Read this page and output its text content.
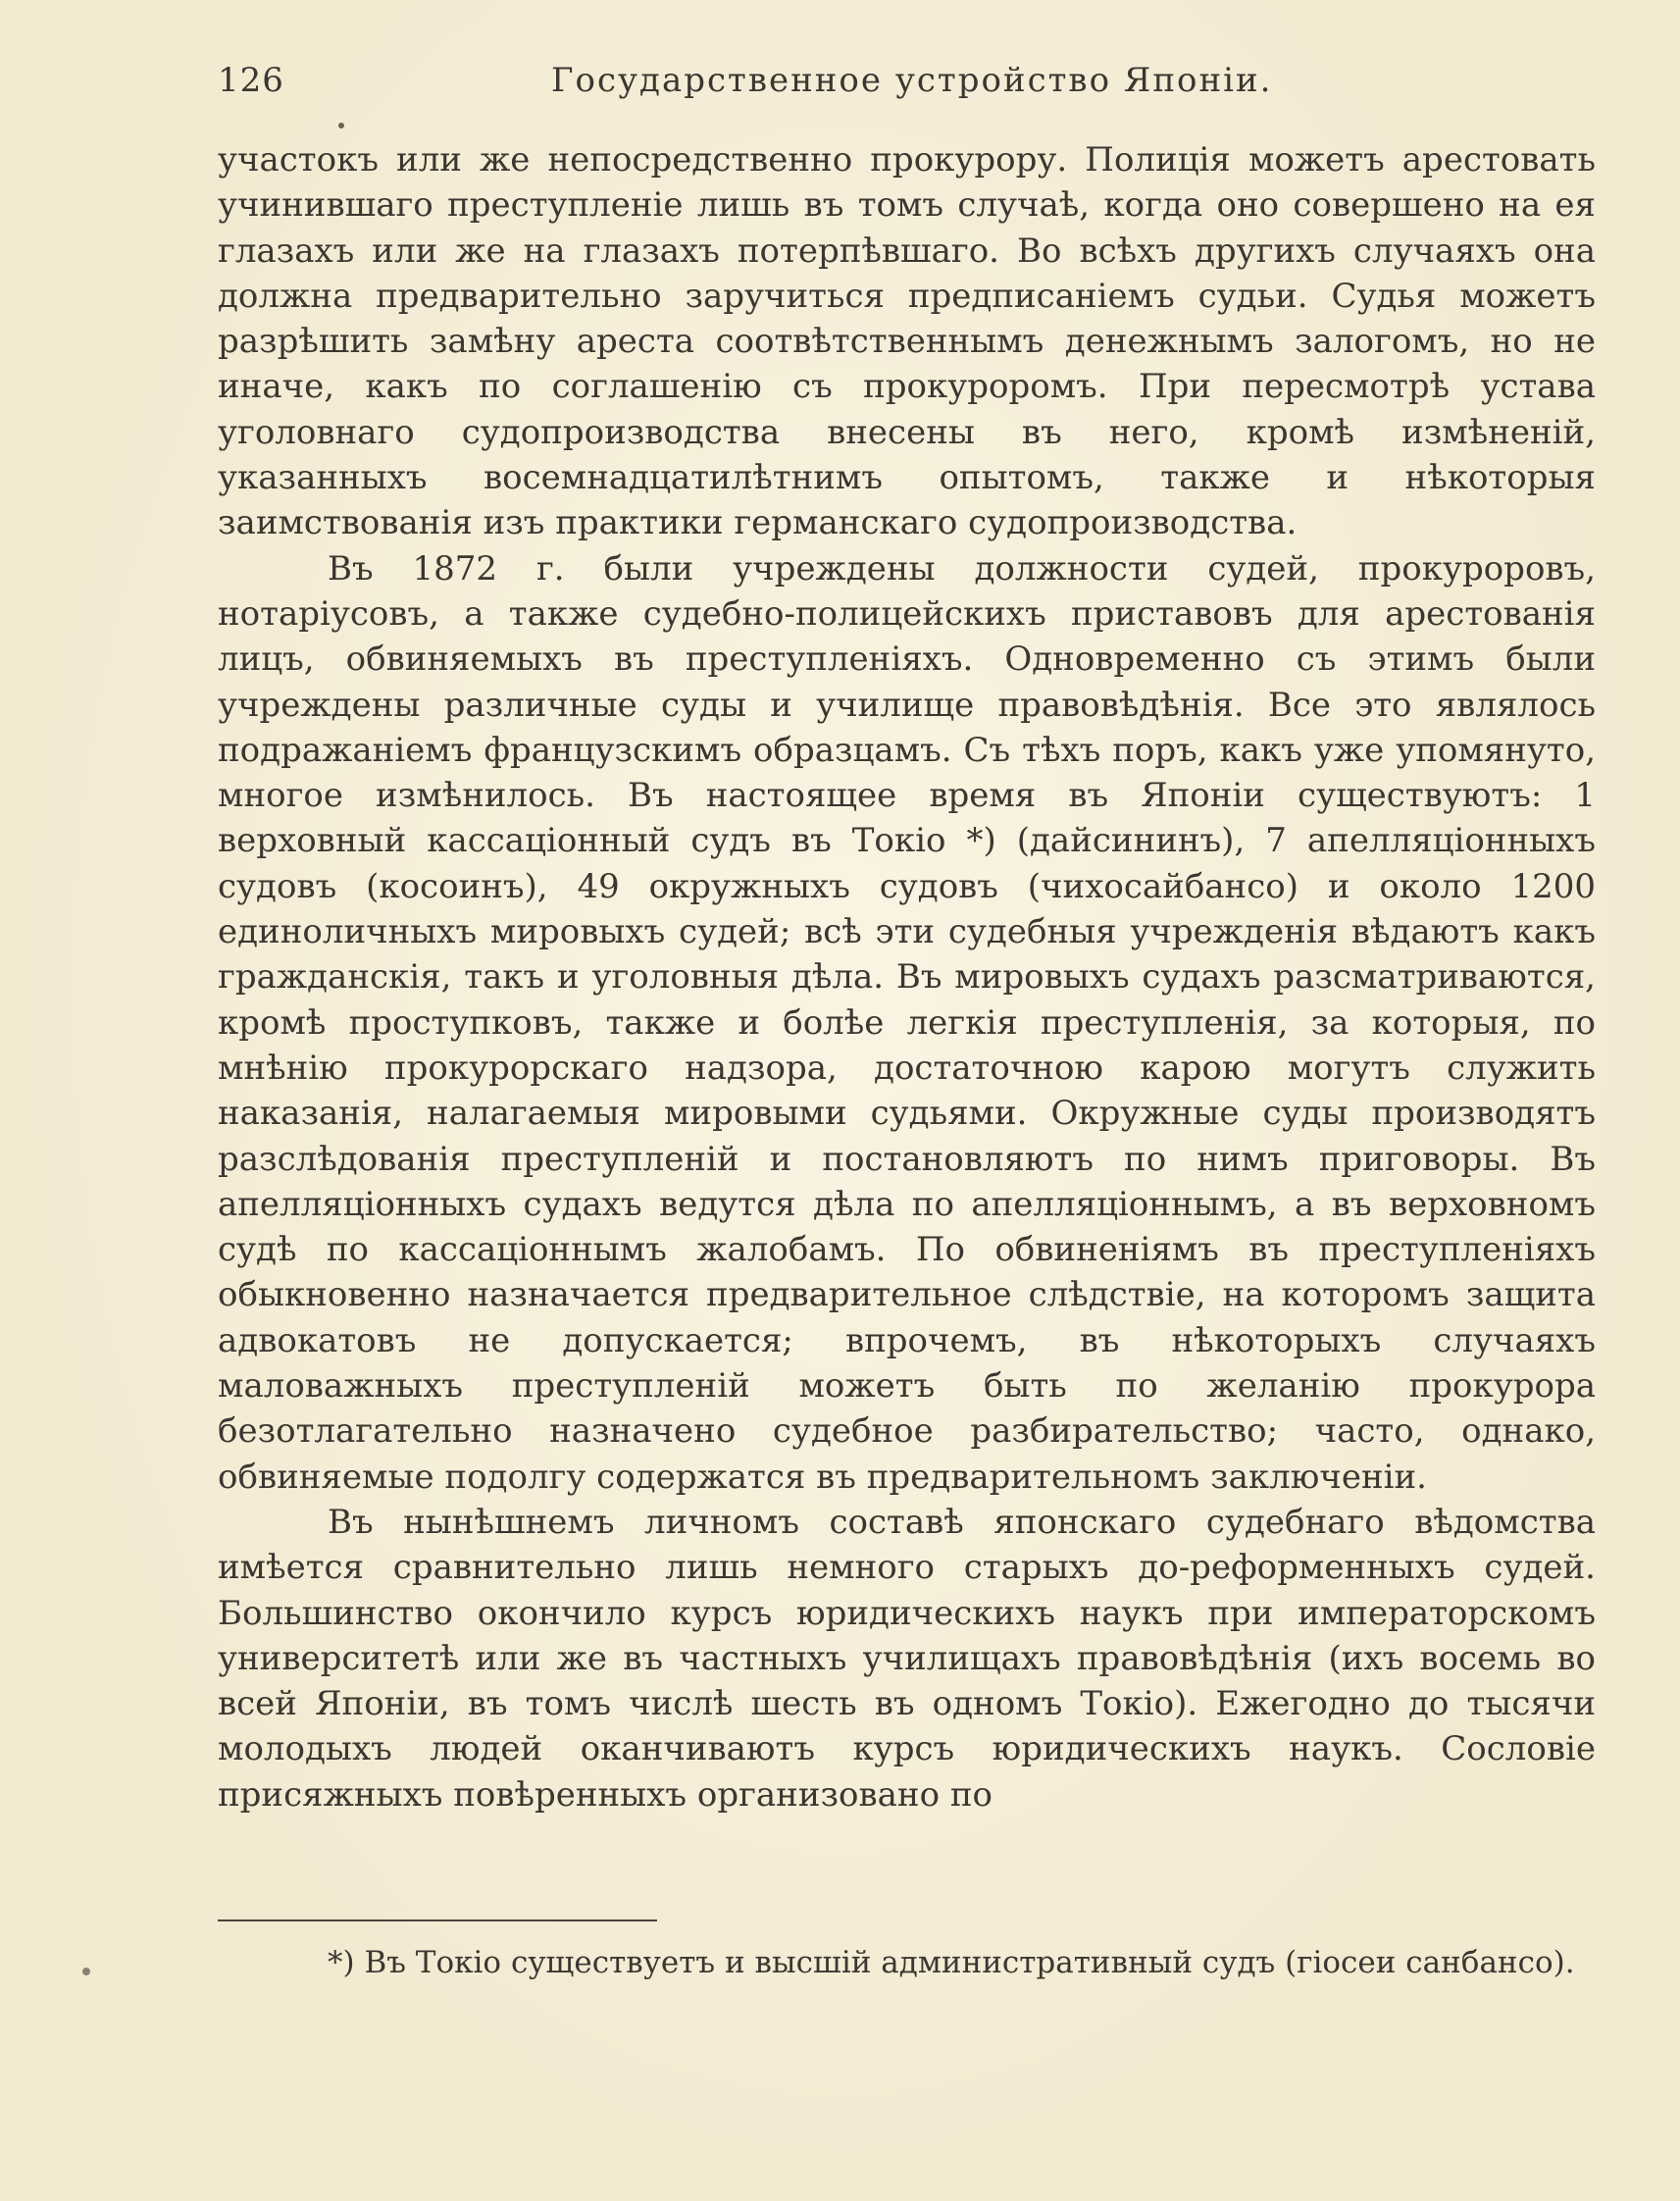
126	Государственное устройство Японіи.

участокъ или же непосредственно прокурору. Полиція можетъ арестовать учинившаго преступленіе лишь въ томъ случаѣ, когда оно совершено на ея глазахъ или же на глазахъ потерпѣвшаго. Во всѣхъ другихъ случаяхъ она должна предварительно заручиться предписаніемъ судьи. Судья можетъ разрѣшить замѣну ареста соотвѣтственнымъ денежнымъ залогомъ, но не иначе, какъ по соглашенію съ прокуроромъ. При пересмотрѣ устава уголовнаго судопроизводства внесены въ него, кромѣ измѣненій, указанныхъ восемнадцатилѣтнимъ опытомъ, также и нѣкоторыя заимствованія изъ практики германскаго судопроизводства.

Въ 1872 г. были учреждены должности судей, прокуроровъ, нотаріусовъ, а также судебно-полицейскихъ приставовъ для арестованія лицъ, обвиняемыхъ въ преступленіяхъ. Одновременно съ этимъ были учреждены различные суды и училище правовѣдѣнія. Все это являлось подражаніемъ французскимъ образцамъ. Съ тѣхъ поръ, какъ уже упомянуто, многое измѣнилось. Въ настоящее время въ Японіи существуютъ: 1 верховный кассаціонный судъ въ Токіо *) (дайсининъ), 7 апелляціонныхъ судовъ (косоинъ), 49 окружныхъ судовъ (чихосайбансо) и около 1200 единоличныхъ мировыхъ судей; всѣ эти судебныя учрежденія вѣдаютъ какъ гражданскія, такъ и уголовныя дѣла. Въ мировыхъ судахъ разсматриваются, кромѣ проступковъ, также и болѣе легкія преступленія, за которыя, по мнѣнію прокурорскаго надзора, достаточною карою могутъ служить наказанія, налагаемыя мировыми судьями. Окружные суды производятъ разслѣдованія преступленій и постановляютъ по нимъ приговоры. Въ апелляціонныхъ судахъ ведутся дѣла по апелляціоннымъ, а въ верховномъ судѣ по кассаціоннымъ жалобамъ. По обвиненіямъ въ преступленіяхъ обыкновенно назначается предварительное слѣдствіе, на которомъ защита адвокатовъ не допускается; впрочемъ, въ нѣкоторыхъ случаяхъ маловажныхъ преступленій можетъ быть по желанію прокурора безотлагательно назначено судебное разбирательство; часто, однако, обвиняемые подолгу содержатся въ предварительномъ заключеніи.

Въ нынѣшнемъ личномъ составѣ японскаго судебнаго вѣдомства имѣется сравнительно лишь немного старыхъ до-реформенныхъ судей. Большинство окончило курсъ юридическихъ наукъ при императорскомъ университетѣ или же въ частныхъ училищахъ правовѣдѣнія (ихъ восемь во всей Японіи, въ томъ числѣ шесть въ одномъ Токіо). Ежегодно до тысячи молодыхъ людей оканчиваютъ курсъ юридическихъ наукъ. Сословіе присяжныхъ повѣренныхъ организовано по

*) Въ Токіо существуетъ и высшій административный судъ (гіосеи санбансо).
